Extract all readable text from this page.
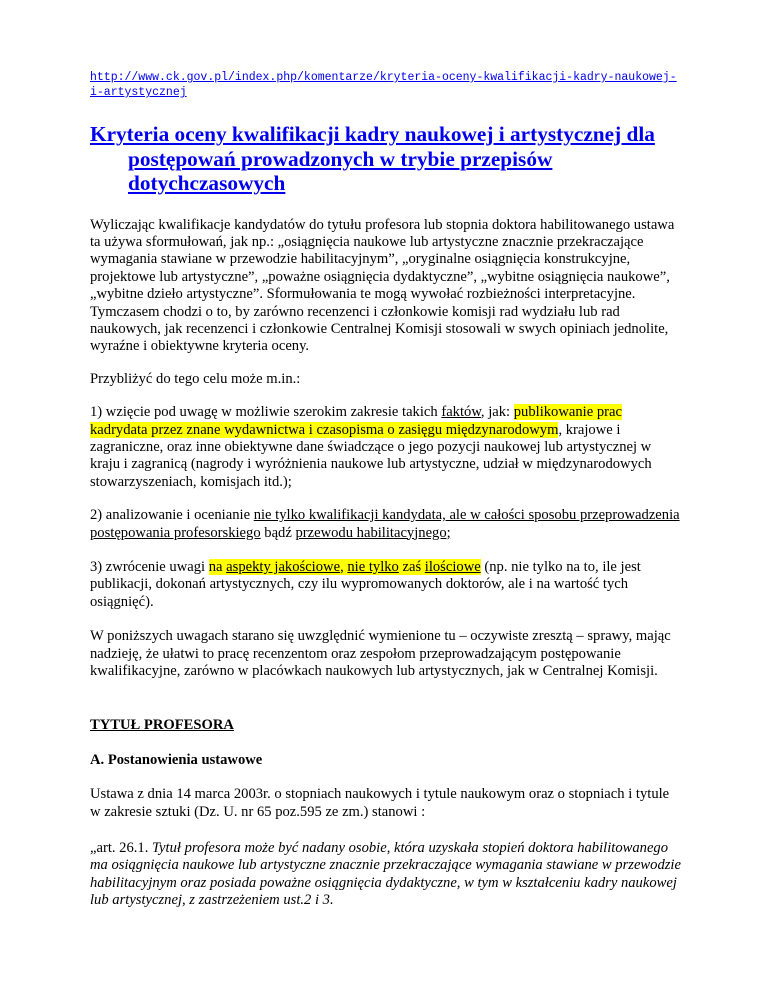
http://www.ck.gov.pl/index.php/komentarze/kryteria-oceny-kwalifikacji-kadry-naukowej-i-artystycznej

Kryteria oceny kwalifikacji kadry naukowej i artystycznej dla postępowań prowadzonych w trybie przepisów dotychczasowych

Wyliczając kwalifikacje kandydatów do tytułu profesora lub stopnia doktora habilitowanego ustawa ta używa sformułowań, jak np.: „osiągnięcia naukowe lub artystyczne znacznie przekraczające wymagania stawiane w przewodzie habilitacyjnym”, „oryginalne osiągnięcia konstrukcyjne, projektowe lub artystyczne”, „poważne osiągnięcia dydaktyczne”, „wybitne osiągnięcia naukowe”, „wybitne dzieło artystyczne”. Sformułowania te mogą wywołać rozbieżności interpretacyjne. Tymczasem chodzi o to, by zarówno recenzenci i członkowie komisji rad wydziału lub rad naukowych, jak recenzenci i członkowie Centralnej Komisji stosowali w swych opiniach jednolite, wyraźne i obiektywne kryteria oceny.

Przybliżyć do tego celu może m.in.:

1) wzięcie pod uwagę w możliwie szerokim zakresie takich faktów, jak: publikowanie prac kadrydata przez znane wydawnictwa i czasopisma o zasięgu międzynarodowym, krajowe i zagraniczne, oraz inne obiektywne dane świadczące o jego pozycji naukowej lub artystycznej w kraju i zagranicą (nagrody i wyróżnienia naukowe lub artystyczne, udział w międzynarodowych stowarzyszeniach, komisjach itd.);

2) analizowanie i ocenianie nie tylko kwalifikacji kandydata, ale w całości sposobu przeprowadzenia postępowania profesorskiego bądź przewodu habilitacyjnego;

3) zwrócenie uwagi na aspekty jakościowe, nie tylko zaś ilościowe (np. nie tylko na to, ile jest publikacji, dokonań artystycznych, czy ilu wypromowanych doktorów, ale i na wartość tych osiągnięć).

W poniższych uwagach starano się uwzględnić wymienione tu – oczywiste zresztą – sprawy, mając nadzieję, że ułatwi to pracę recenzentom oraz zespołom przeprowadzającym postępowanie kwalifikacyjne, zarówno w placówkach naukowych lub artystycznych, jak w Centralnej Komisji.

TYTUŁ PROFESORA

A. Postanowienia ustawowe

Ustawa z dnia 14 marca 2003r. o stopniach naukowych i tytule naukowym oraz o stopniach i tytule w zakresie sztuki (Dz. U. nr 65 poz.595 ze zm.) stanowi :

„art. 26.1. Tytuł profesora może być nadany osobie, która uzyskała stopień doktora habilitowanego ma osiągnięcia naukowe lub artystyczne znacznie przekraczające wymagania stawiane w przewodzie habilitacyjnym oraz posiada poważne osiągnięcia dydaktyczne, w tym w kształceniu kadry naukowej lub artystycznej, z zastrzeżeniem ust.2 i 3.
